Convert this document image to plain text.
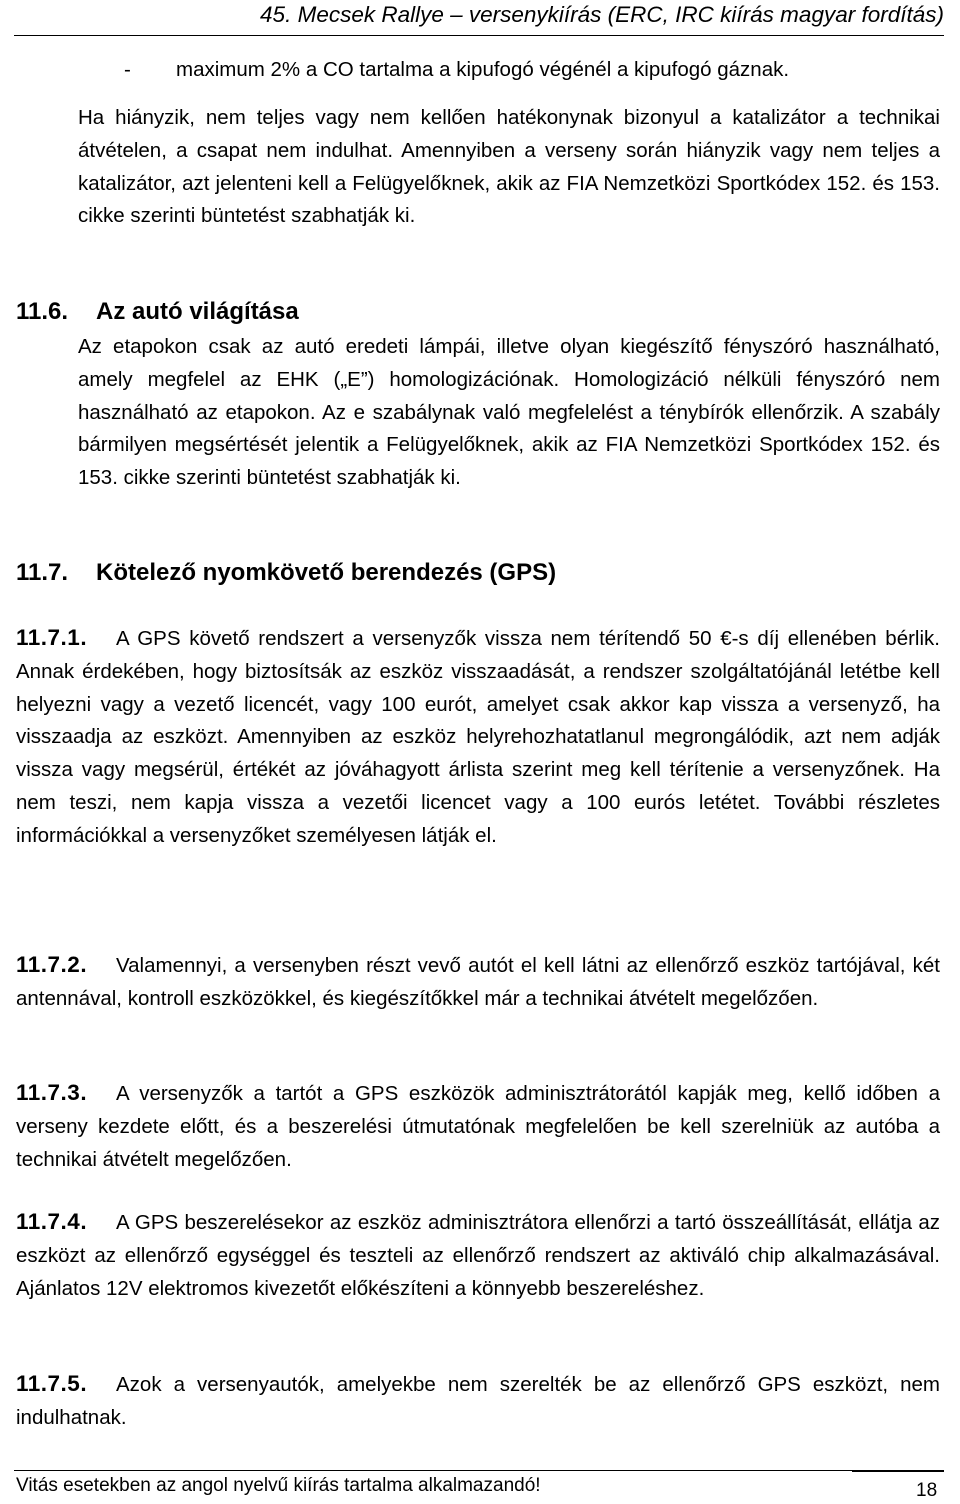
45. Mecsek Rallye – versenykiírás (ERC, IRC kiírás magyar fordítás)
-	maximum 2% a CO tartalma a kipufogó végénél a kipufogó gáznak.
Ha hiányzik, nem teljes vagy nem kellően hatékonynak bizonyul a katalizátor a technikai átvételen, a csapat nem indulhat. Amennyiben a verseny során hiányzik vagy nem teljes a katalizátor, azt jelenteni kell a Felügyelőknek, akik az FIA Nemzetközi Sportkódex 152. és 153. cikke szerinti büntetést szabhatják ki.
11.6. Az autó világítása
Az etapokon csak az autó eredeti lámpái, illetve olyan kiegészítő fényszóró használható, amely megfelel az EHK („E”) homologizációnak. Homologizáció nélküli fényszóró nem használható az etapokon. Az e szabálynak való megfelelést a ténybírók ellenőrzik. A szabály bármilyen megsértését jelentik a Felügyelőknek, akik az FIA Nemzetközi Sportkódex 152. és 153. cikke szerinti büntetést szabhatják ki.
11.7. Kötelező nyomkövető berendezés (GPS)
11.7.1. A GPS követő rendszert a versenyzők vissza nem térítendő 50 €-s díj ellenében bérlik. Annak érdekében, hogy biztosítsák az eszköz visszaadását, a rendszer szolgáltatójánál letétbe kell helyezni vagy a vezető licencét, vagy 100 eurót, amelyet csak akkor kap vissza a versenyző, ha visszaadja az eszközt. Amennyiben az eszköz helyrehozhatatlanul megrongálódik, azt nem adják vissza vagy megsérül, értékét az jóváhagyott árlista szerint meg kell térítenie a versenyzőnek. Ha nem teszi, nem kapja vissza a vezetői licencet vagy a 100 eurós letétet. További részletes információkkal a versenyzőket személyesen látják el.
11.7.2. Valamennyi, a versenyben részt vevő autót el kell látni az ellenőrző eszköz tartójával, két antennával, kontroll eszközökkel, és kiegészítőkkel már a technikai átvételt megelőzően.
11.7.3. A versenyzők a tartót a GPS eszközök adminisztrátorától kapják meg, kellő időben a verseny kezdete előtt, és a beszerelési útmutatónak megfelelően be kell szerelniük az autóba a technikai átvételt megelőzően.
11.7.4. A GPS beszerelésekor az eszköz adminisztrátora ellenőrzi a tartó összeállítását, ellátja az eszközt az ellenőrző egységgel és teszteli az ellenőrző rendszert az aktiváló chip alkalmazásával. Ajánlatos 12V elektromos kivezetőt előkészíteni a könnyebb beszereléshez.
11.7.5. Azok a versenyautók, amelyekbe nem szerelték be az ellenőrző GPS eszközt, nem indulhatnak.
Vitás esetekben az angol nyelvű kiírás tartalma alkalmazandó!	18
